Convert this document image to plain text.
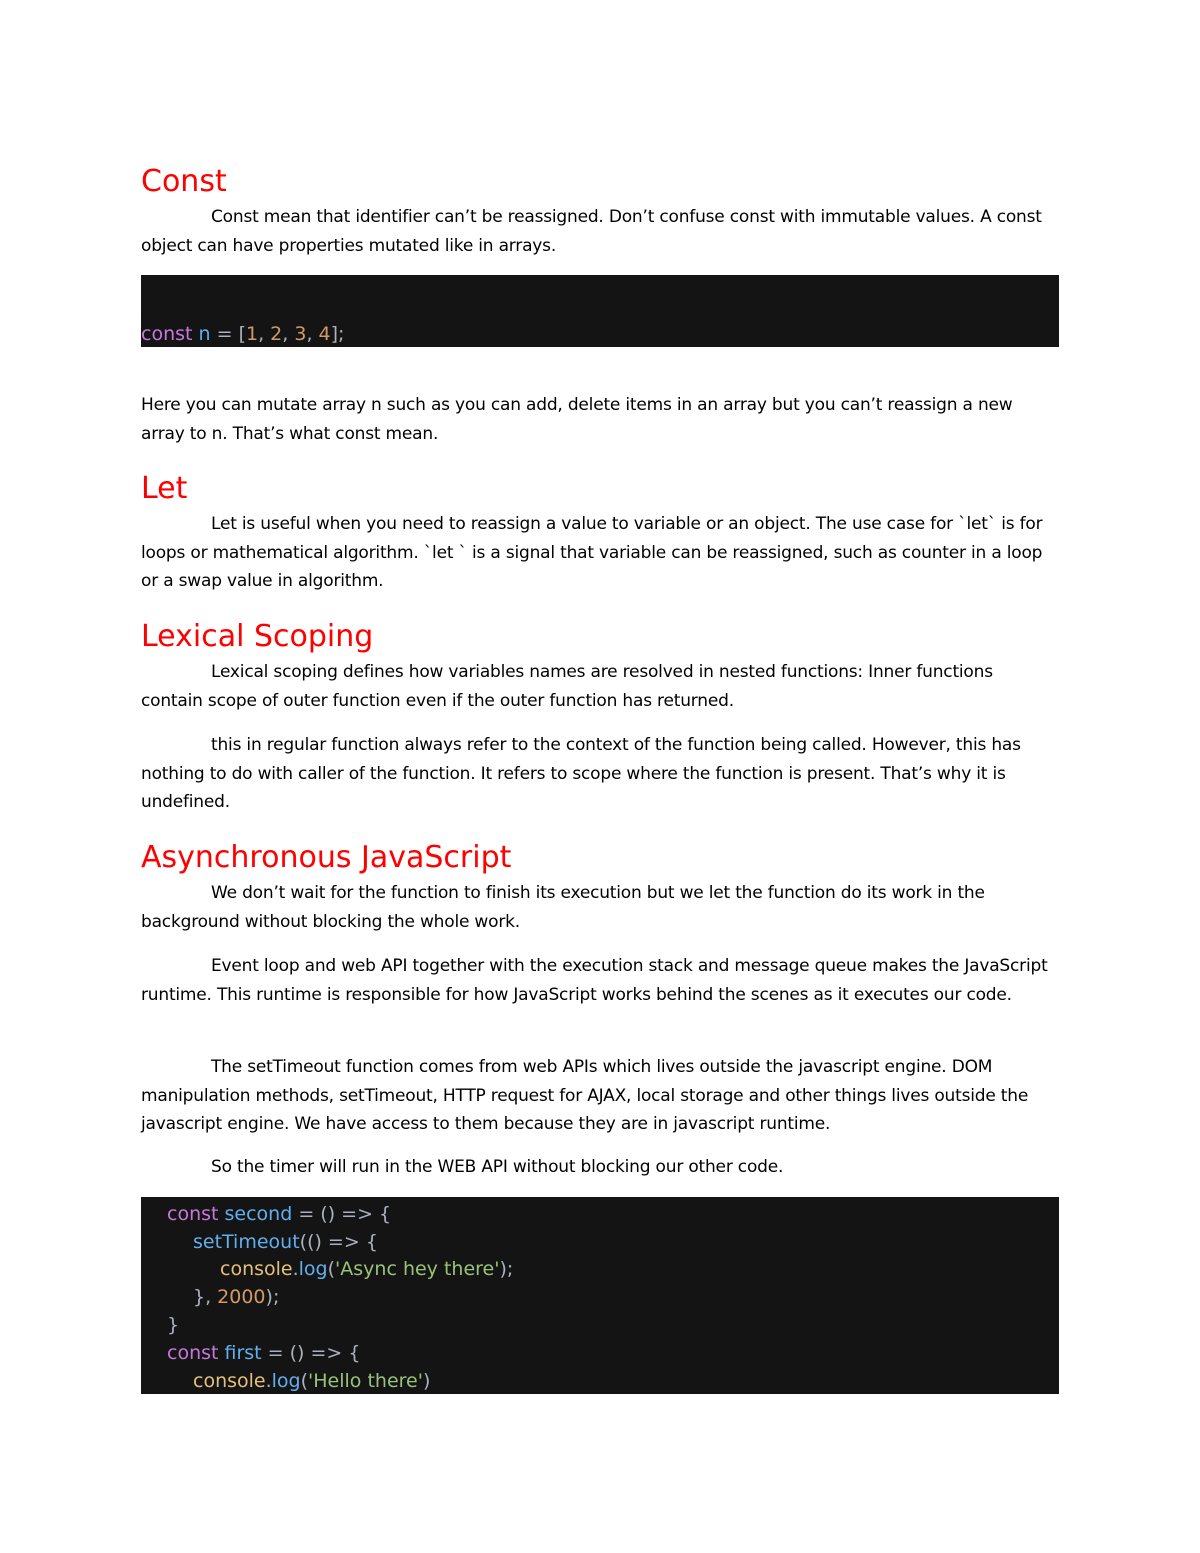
Const

Const mean that identifier can’t be reassigned. Don’t confuse const with immutable values. A const object can have properties mutated like in arrays.

const n = [1, 2, 3, 4];

Here you can mutate array n such as you can add, delete items in an array but you can’t reassign a new array to n. That’s what const mean.

Let

Let is useful when you need to reassign a value to variable or an object. The use case for `let` is for loops or mathematical algorithm. `let ` is a signal that variable can be reassigned, such as counter in a loop or a swap value in algorithm.

Lexical Scoping

Lexical scoping defines how variables names are resolved in nested functions: Inner functions contain scope of outer function even if the outer function has returned.

this in regular function always refer to the context of the function being called. However, this has nothing to do with caller of the function. It refers to scope where the function is present. That’s why it is undefined.

Asynchronous JavaScript

We don’t wait for the function to finish its execution but we let the function do its work in the background without blocking the whole work.

Event loop and web API together with the execution stack and message queue makes the JavaScript runtime. This runtime is responsible for how JavaScript works behind the scenes as it executes our code.

The setTimeout function comes from web APIs which lives outside the javascript engine. DOM manipulation methods, setTimeout, HTTP request for AJAX, local storage and other things lives outside the javascript engine. We have access to them because they are in javascript runtime.

So the timer will run in the WEB API without blocking our other code.

const second = () => {
setTimeout(() => {
console.log('Async hey there');
}, 2000);
}
const first = () => {
console.log('Hello there')
